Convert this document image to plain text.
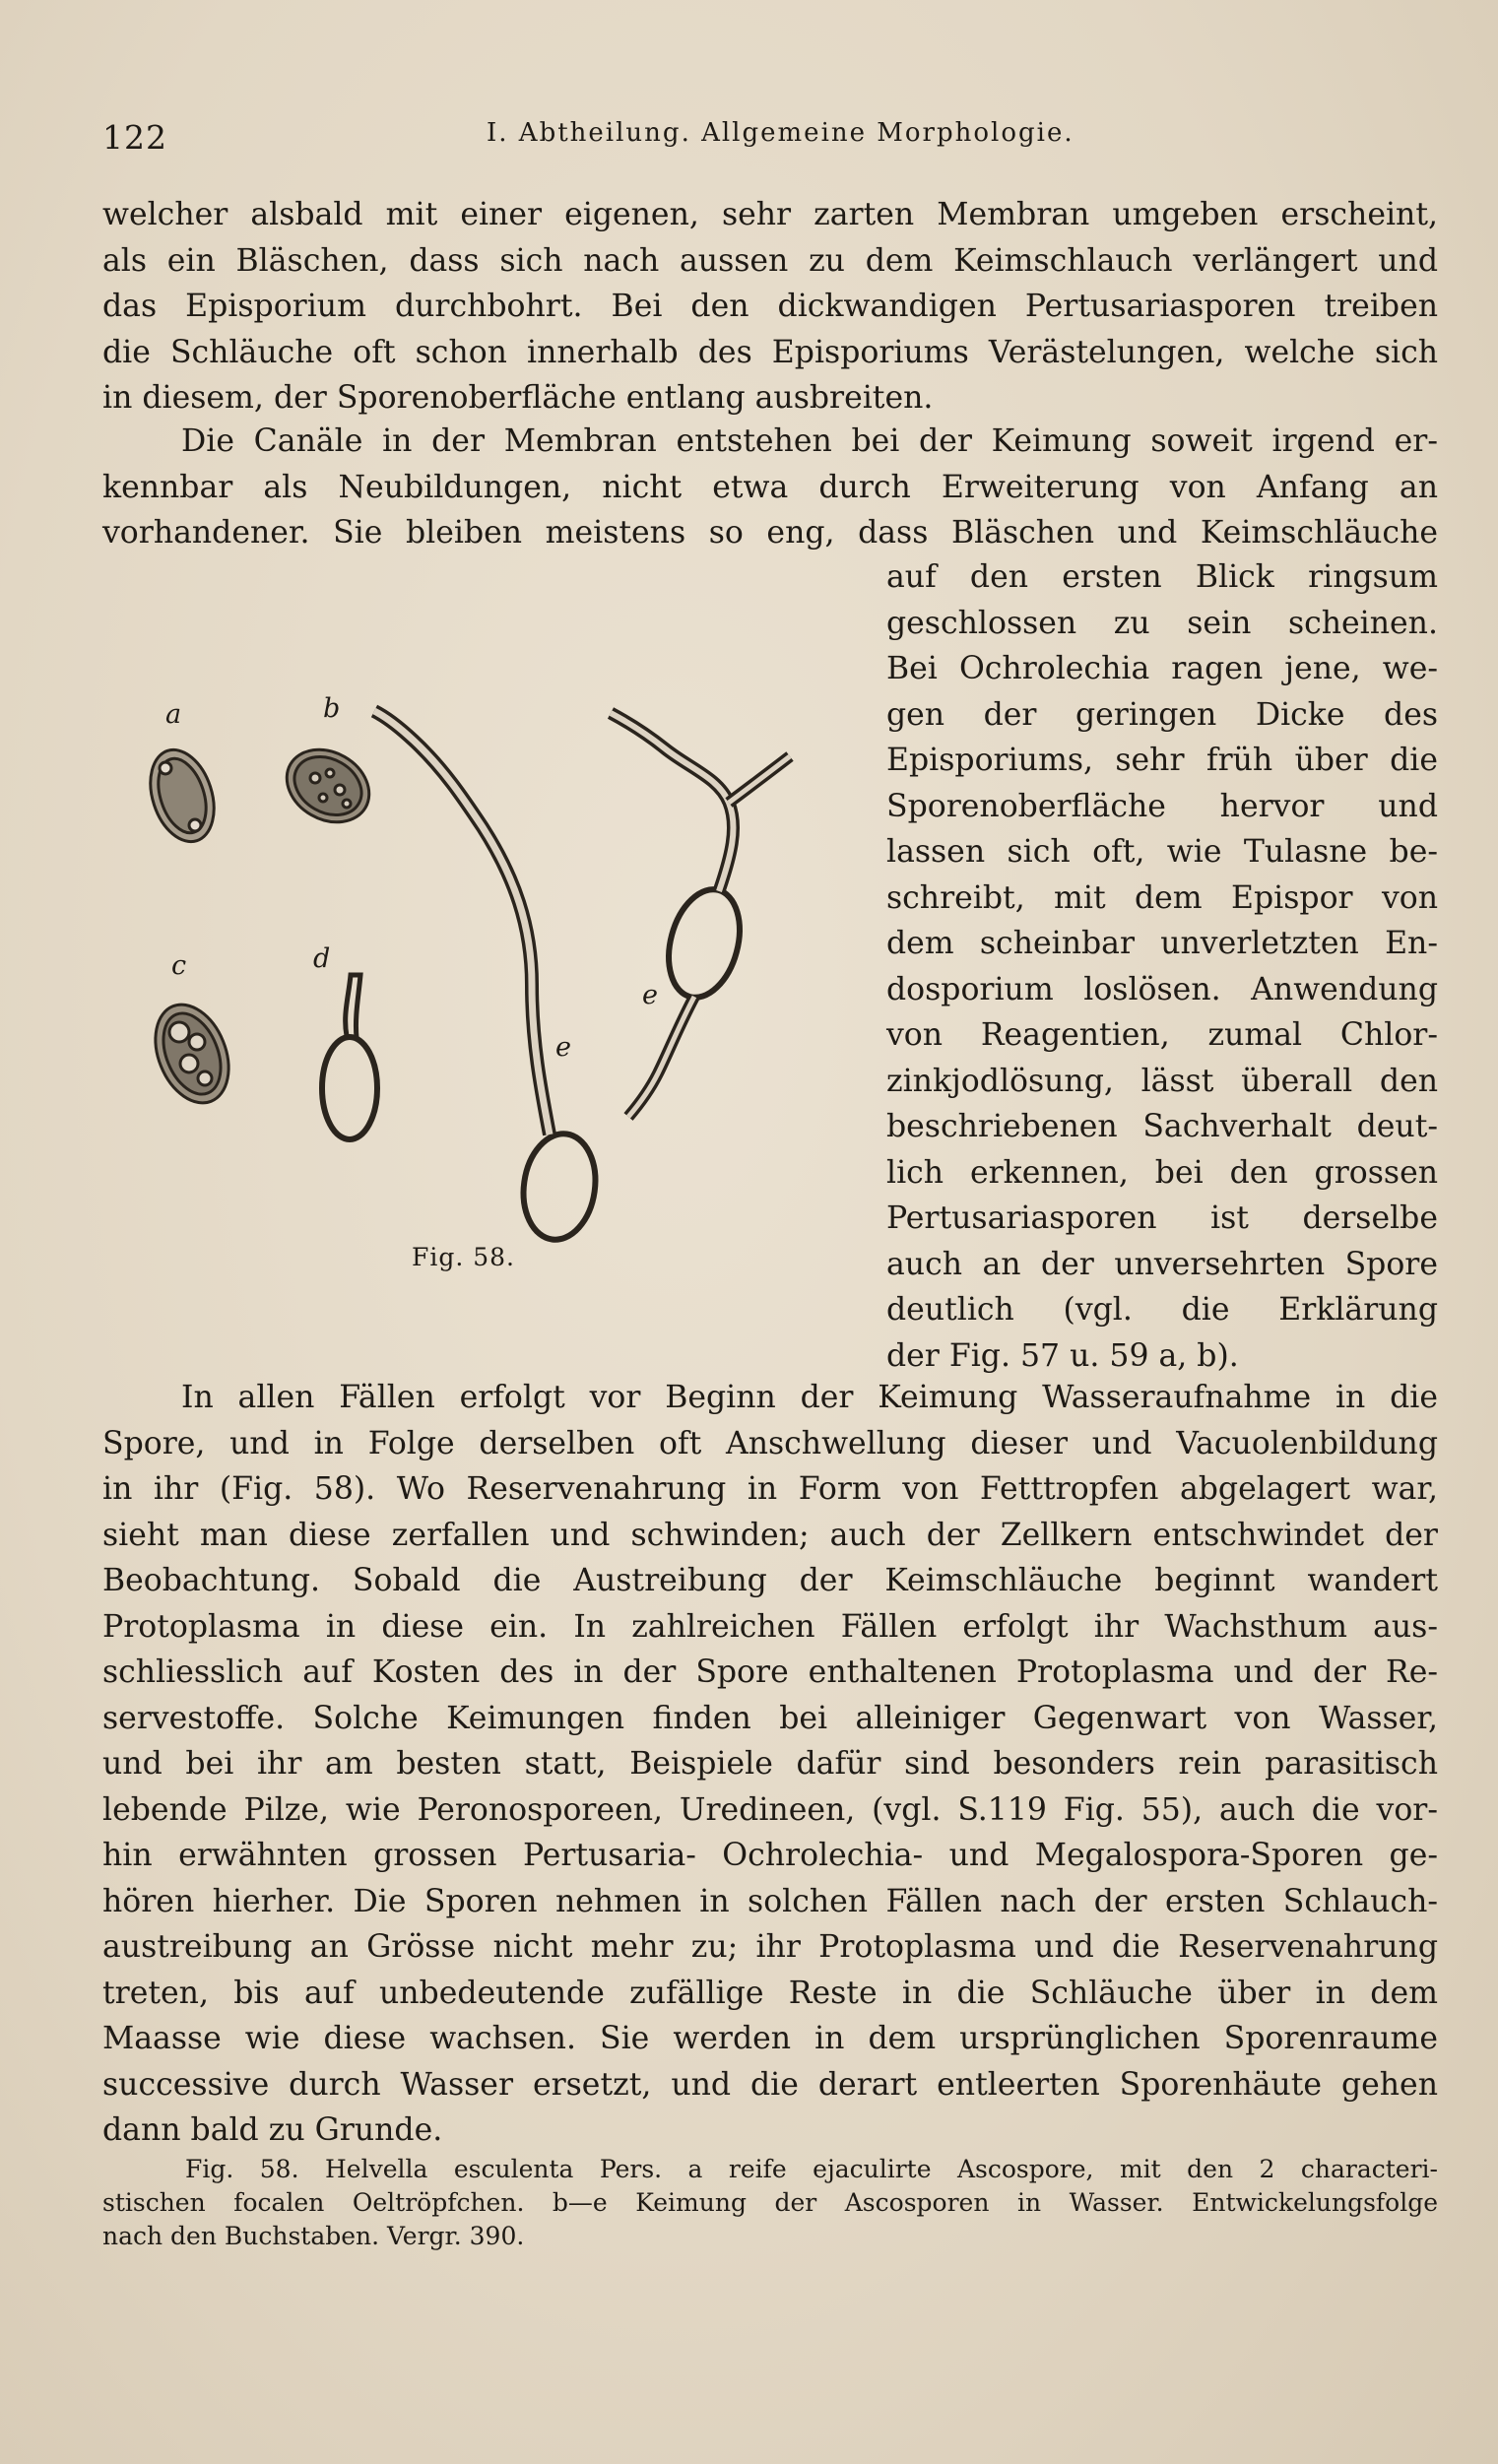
122	I. Abtheilung. Allgemeine Morphologie.

welcher alsbald mit einer eigenen, sehr zarten Membran umgeben erscheint,
als ein Bläschen, dass sich nach aussen zu dem Keimschlauch verlängert und
das Episporium durchbohrt. Bei den dickwandigen Pertusariasporen treiben
die Schläuche oft schon innerhalb des Episporiums Verästelungen, welche sich
in diesem, der Sporenoberfläche entlang ausbreiten.

Die Canäle in der Membran entstehen bei der Keimung soweit irgend er-
kennbar als Neubildungen, nicht etwa durch Erweiterung von Anfang an
vorhandener. Sie bleiben meistens so eng, dass Bläschen und Keimschläuche

auf den ersten Blick ringsum
geschlossen zu sein scheinen.
Bei Ochrolechia ragen jene, we-
gen der geringen Dicke des
Episporiums, sehr früh über die
Sporenoberfläche hervor und
lassen sich oft, wie Tulasne be-
schreibt, mit dem Epispor von
dem scheinbar unverletzten En-
dosporium loslösen. Anwendung
von Reagentien, zumal Chlor-
zinkjodlösung, lässt überall den
beschriebenen Sachverhalt deut-
lich erkennen, bei den grossen
Pertusariasporen ist derselbe
auch an der unversehrten Spore
deutlich (vgl. die Erklärung
der Fig. 57 u. 59 a, b).

a	b
c	d
e
e
Fig. 58.

In allen Fällen erfolgt vor Beginn der Keimung Wasseraufnahme in die
Spore, und in Folge derselben oft Anschwellung dieser und Vacuolenbildung
in ihr (Fig. 58). Wo Reservenahrung in Form von Fetttropfen abgelagert war,
sieht man diese zerfallen und schwinden; auch der Zellkern entschwindet der
Beobachtung. Sobald die Austreibung der Keimschläuche beginnt wandert
Protoplasma in diese ein. In zahlreichen Fällen erfolgt ihr Wachsthum aus-
schliesslich auf Kosten des in der Spore enthaltenen Protoplasma und der Re-
servestoffe. Solche Keimungen finden bei alleiniger Gegenwart von Wasser,
und bei ihr am besten statt, Beispiele dafür sind besonders rein parasitisch
lebende Pilze, wie Peronosporeen, Uredineen, (vgl. S.119 Fig. 55), auch die vor-
hin erwähnten grossen Pertusaria- Ochrolechia- und Megalospora-Sporen ge-
hören hierher. Die Sporen nehmen in solchen Fällen nach der ersten Schlauch-
austreibung an Grösse nicht mehr zu; ihr Protoplasma und die Reservenahrung
treten, bis auf unbedeutende zufällige Reste in die Schläuche über in dem
Maasse wie diese wachsen. Sie werden in dem ursprünglichen Sporenraume
successive durch Wasser ersetzt, und die derart entleerten Sporenhäute gehen
dann bald zu Grunde.

Fig. 58. Helvella esculenta Pers. a reife ejaculirte Ascospore, mit den 2 characteri-
stischen focalen Oeltröpfchen. b—e Keimung der Ascosporen in Wasser. Entwickelungsfolge
nach den Buchstaben. Vergr. 390.
